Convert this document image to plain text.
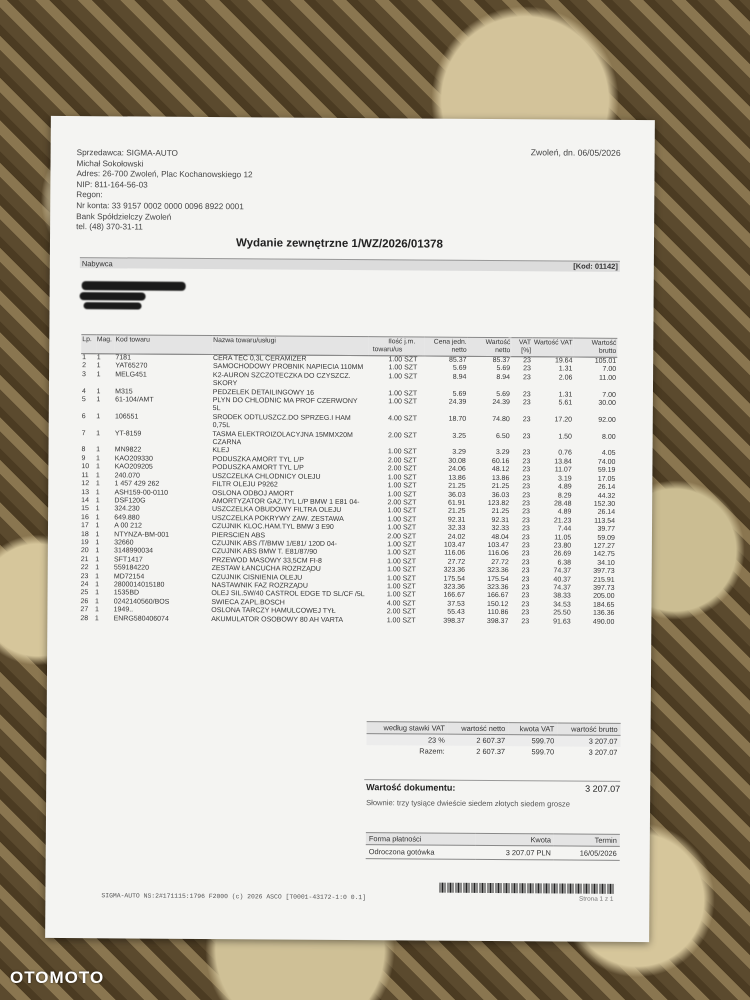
Sprzedawca: SIGMA-AUTO
Michał Sokołowski
Adres: 26-700 Zwoleń, Plac Kochanowskiego 12
NIP: 811-164-56-03
Regon:
Nr konta: 33 9157 0002 0000 0096 8922 0001
Bank Spółdzielczy Zwoleń
tel. (48) 370-31-11
Zwoleń, dn. 06/05/2026
Wydanie zewnętrzne 1/WZ/2026/01378
Nabywca	[Kod: 01142]
Lp.	Mag.	Kod towaru	Nazwa towaru/usługi	Ilość towaru/us	j.m.	Cena jedn. netto	Wartość netto	VAT [%]	Wartość VAT	Wartość brutto
1	1	7181	CERA TEC 0,3L CERAMIZER	1.00	SZT	85.37	85.37	23	19.64	105.01
2	1	YAT65270	SAMOCHODOWY PROBNIK NAPIECIA 110MM	1.00	SZT	5.69	5.69	23	1.31	7.00
3	1	MELG451	K2-AURON SZCZOTECZKA DO CZYSZCZ. SKORY	1.00	SZT	8.94	8.94	23	2.06	11.00
4	1	M315	PEDZELEK DETAILINGOWY 16	1.00	SZT	5.69	5.69	23	1.31	7.00
5	1	61-104/AMT	PLYN DO CHLODNIC MA PROF CZERWONY 5L	1.00	SZT	24.39	24.39	23	5.61	30.00
6	1	106551	SRODEK ODTLUSZCZ.DO SPRZEG.I HAM 0,75L	4.00	SZT	18.70	74.80	23	17.20	92.00
7	1	YT-8159	TASMA ELEKTROIZOLACYJNA 15MMX20M CZARNA	2.00	SZT	3.25	6.50	23	1.50	8.00
8	1	MN9822	KLEJ	1.00	SZT	3.29	3.29	23	0.76	4.05
9	1	KAO209330	PODUSZKA AMORT TYL L/P	2.00	SZT	30.08	60.16	23	13.84	74.00
10	1	KAO209205	PODUSZKA AMORT TYL L/P	2.00	SZT	24.06	48.12	23	11.07	59.19
11	1	240.070	USZCZELKA CHLODNICY OLEJU	1.00	SZT	13.86	13.86	23	3.19	17.05
12	1	1 457 429 262	FILTR OLEJU P9262	1.00	SZT	21.25	21.25	23	4.89	26.14
13	1	ASH159-00-0110	OSLONA ODBOJ AMORT	1.00	SZT	36.03	36.03	23	8.29	44.32
14	1	DSF120G	AMORTYZATOR GAZ.TYL L/P BMW 1 E81 04-	2.00	SZT	61.91	123.82	23	28.48	152.30
15	1	324.230	USZCZELKA OBUDOWY FILTRA OLEJU	1.00	SZT	21.25	21.25	23	4.89	26.14
16	1	649.880	USZCZELKA POKRYWY ZAW. ZESTAWA	1.00	SZT	92.31	92.31	23	21.23	113.54
17	1	A 00 212	CZUJNIK KLOC.HAM.TYL BMW 3 E90	1.00	SZT	32.33	32.33	23	7.44	39.77
18	1	NTYNZA-BM-001	PIERSCIEN ABS	2.00	SZT	24.02	48.04	23	11.05	59.09
19	1	32660	CZUJNIK ABS /T/BMW 1/E81/ 120D 04-	1.00	SZT	103.47	103.47	23	23.80	127.27
20	1	3148990034	CZUJNIK ABS BMW T. E81/87/90	1.00	SZT	116.06	116.06	23	26.69	142.75
21	1	SFT1417	PRZEWOD MASOWY 33,5CM FI-8	1.00	SZT	27.72	27.72	23	6.38	34.10
22	1	559184220	ZESTAW ŁAŃCUCHA ROZRZĄDU	1.00	SZT	323.36	323.36	23	74.37	397.73
23	1	MD72154	CZUJNIK CIŚNIENIA OLEJU	1.00	SZT	175.54	175.54	23	40.37	215.91
24	1	2800014015180	NASTAWNIK FAZ ROZRZĄDU	1.00	SZT	323.36	323.36	23	74.37	397.73
25	1	1535BD	OLEJ SIL.5W/40 CASTROL EDGE TD SL/CF /5L	1.00	SZT	166.67	166.67	23	38.33	205.00
26	1	0242140560/BOS	SWIECA ZAPL.BOSCH	4.00	SZT	37.53	150.12	23	34.53	184.65
27	1	1949..	OSLONA TARCZY HAMULCOWEJ TYŁ	2.00	SZT	55.43	110.86	23	25.50	136.36
28	1	ENRG580406074	AKUMULATOR OSOBOWY 80 AH VARTA	1.00	SZT	398.37	398.37	23	91.63	490.00
według stawki VAT	wartość netto	kwota VAT	wartość brutto
23 %	2 607.37	599.70	3 207.07
Razem:	2 607.37	599.70	3 207.07
Wartość dokumentu:	3 207.07
Słownie: trzy tysiące dwieście siedem złotych siedem grosze
Forma płatności	Kwota	Termin
Odroczona gotówka	3 207.07 PLN	16/05/2026
SIGMA-AUTO NS:2#171115:1796 F2000 (c) 2026 ASCO [T0001-43172-1:0 0.1]	Strona 1 z 1
OTOMOTO
